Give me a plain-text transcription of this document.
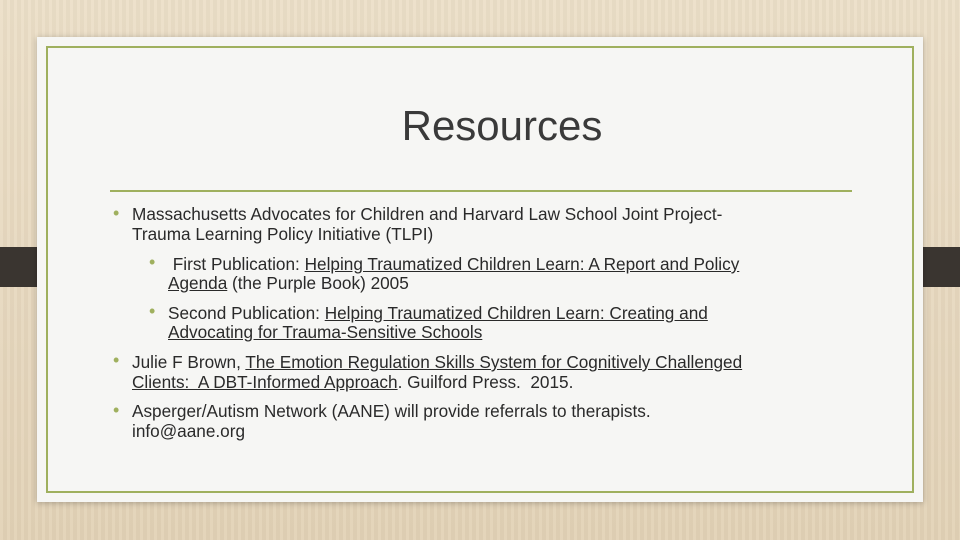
Resources
• Massachusetts Advocates for Children and Harvard Law School Joint Project-
Trauma Learning Policy Initiative (TLPI)
• First Publication: Helping Traumatized Children Learn: A Report and Policy
Agenda (the Purple Book) 2005
• Second Publication: Helping Traumatized Children Learn: Creating and
Advocating for Trauma-Sensitive Schools
• Julie F Brown, The Emotion Regulation Skills System for Cognitively Challenged
Clients:  A DBT-Informed Approach. Guilford Press.  2015.
• Asperger/Autism Network (AANE) will provide referrals to therapists.
info@aane.org
